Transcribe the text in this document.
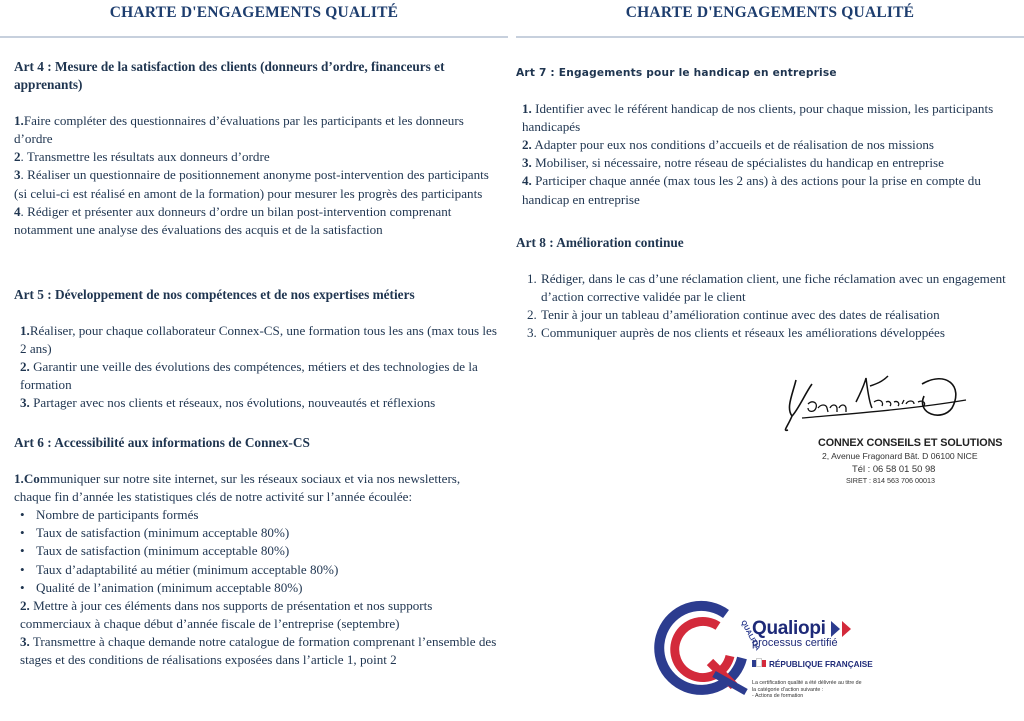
CHARTE D'ENGAGEMENTS QUALITÉ

Art 4 : Mesure de la satisfaction des clients (donneurs d’ordre, financeurs et apprenants)

1.Faire compléter des questionnaires d’évaluations par les participants et les donneurs d’ordre

2. Transmettre les résultats aux donneurs d’ordre

3. Réaliser un questionnaire de positionnement anonyme post-intervention des participants (si celui-ci est réalisé en amont de la formation) pour mesurer les progrès des participants

4. Rédiger et présenter aux donneurs d’ordre un bilan post-intervention comprenant notamment une analyse des évaluations des acquis et de la satisfaction

Art 5 : Développement de nos compétences et de nos expertises métiers

1.Réaliser, pour chaque collaborateur Connex-CS, une formation tous les ans (max tous les 2 ans)

2. Garantir une veille des évolutions des compétences, métiers et des technologies de la formation

3. Partager avec nos clients et réseaux, nos évolutions, nouveautés et réflexions

Art 6 : Accessibilité aux informations de Connex-CS

1.Communiquer sur notre site internet, sur les réseaux sociaux et via nos newsletters, chaque fin d’année les statistiques clés de notre activité sur l’année écoulée:

• Nombre de participants formés
• Taux de satisfaction (minimum acceptable 80%)
• Taux de satisfaction (minimum acceptable 80%)
• Taux d’adaptabilité au métier (minimum acceptable 80%)
• Qualité de l’animation (minimum acceptable 80%)

2. Mettre à jour ces éléments dans nos supports de présentation et nos supports commerciaux à chaque début d’année fiscale de l’entreprise (septembre)

3. Transmettre à chaque demande notre catalogue de formation comprenant l’ensemble des stages et des conditions de réalisations exposées dans l’article 1, point 2

CHARTE D'ENGAGEMENTS QUALITÉ

Art 7 : Engagements pour le handicap en entreprise

1. Identifier avec le référent handicap de nos clients, pour chaque mission, les participants handicapés

2. Adapter pour eux nos conditions d’accueils et de réalisation de nos missions

3. Mobiliser, si nécessaire, notre réseau de spécialistes du handicap en entreprise

4. Participer chaque année (max tous les 2 ans) à des actions pour la prise en compte du handicap en entreprise

Art 8 : Amélioration continue

1. Rédiger, dans le cas d’une réclamation client, une fiche réclamation avec un engagement d’action corrective validée par le client
2. Tenir à jour un tableau d’amélioration continue avec des dates de réalisation
3. Communiquer auprès de nos clients et réseaux les améliorations développées
CONNEX CONSEILS ET SOLUTIONS
2, Avenue Fragonard Bât. D 06100 NICE
Tél : 06 58 01 50 98
SIRET : 814 563 706 00013
QUALITIA
Qualiopi
processus certifié
RÉPUBLIQUE FRANÇAISE
La certification qualité a été délivrée au titre de la catégorie d’action suivante :
- Actions de formation
